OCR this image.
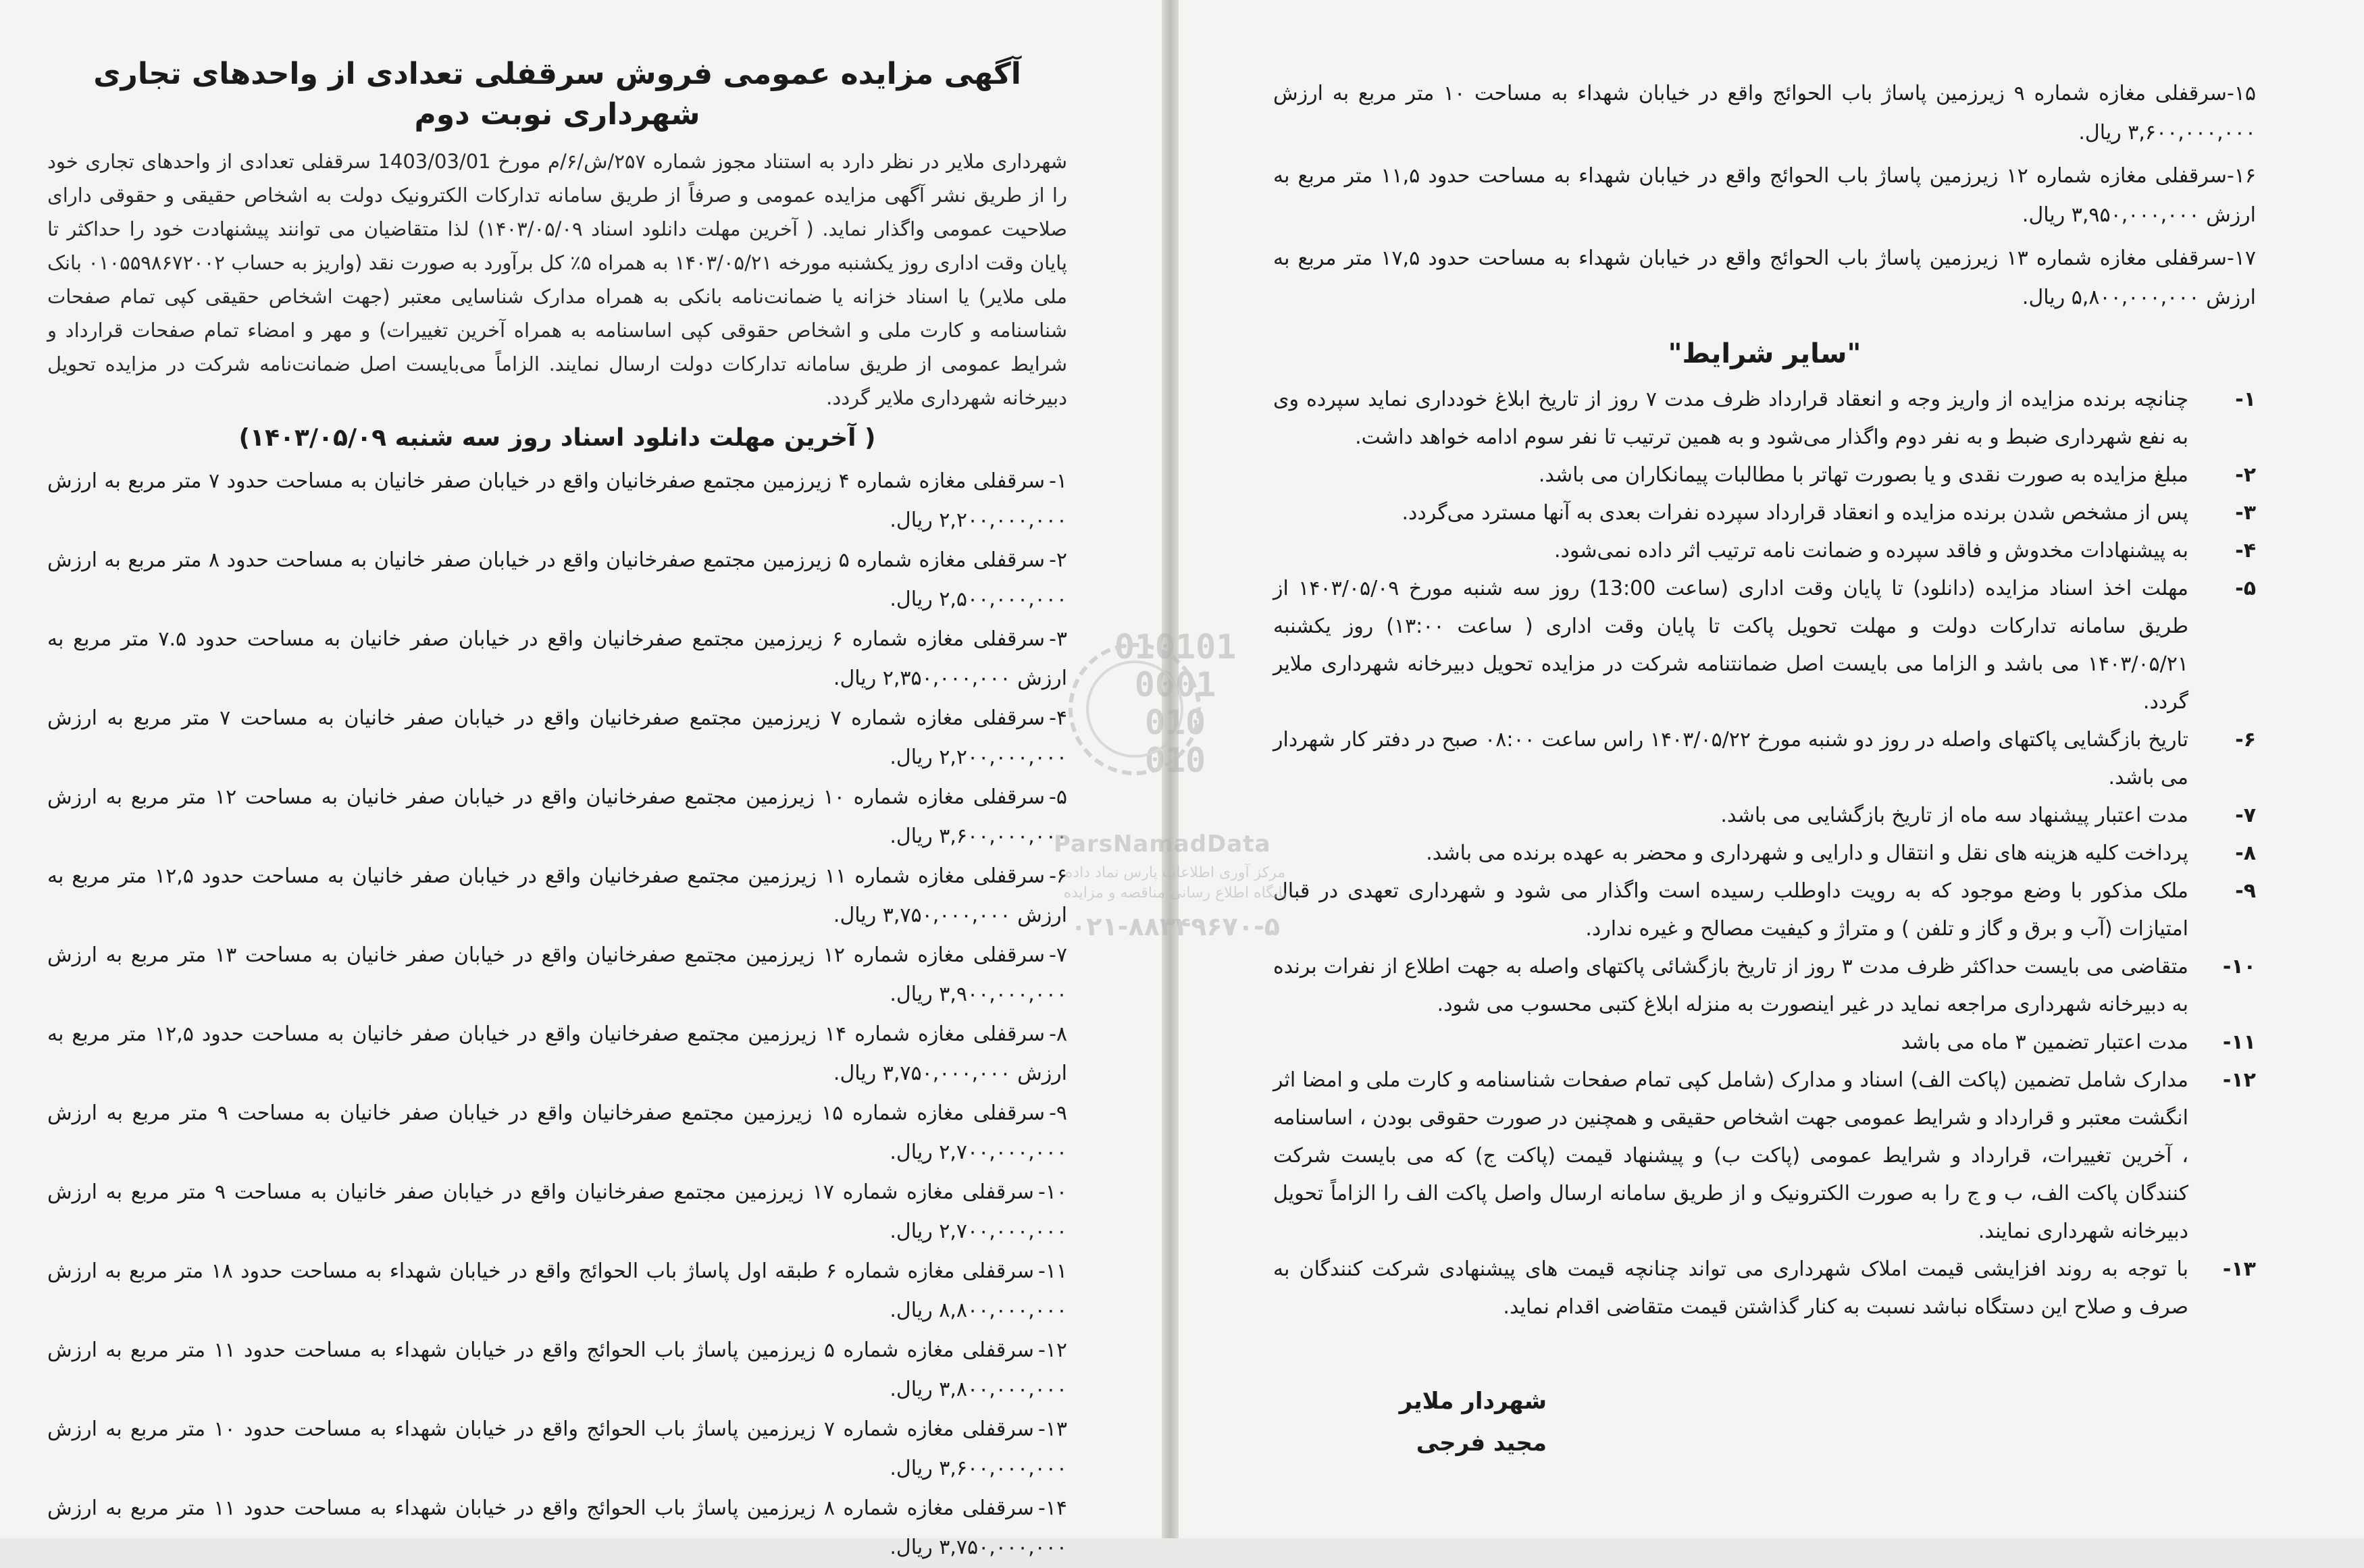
آگهی مزایده عمومی فروش سرقفلی تعدادی از واحدهای تجاری شهرداری نوبت دوم

شهرداری ملایر در نظر دارد به استناد مجوز شماره ۲۵۷/ش/۶/م مورخ 1403/03/01 سرقفلی تعدادی از واحدهای تجاری خود را از طریق نشر آگهی مزایده عمومی و صرفاً از طریق سامانه تدارکات الکترونیک دولت به اشخاص حقیقی و حقوقی دارای صلاحیت عمومی واگذار نماید. ( آخرین مهلت دانلود اسناد ۱۴۰۳/۰۵/۰۹) لذا متقاضیان می توانند پیشنهادت خود را حداکثر تا پایان وقت اداری روز یکشنبه مورخه ۱۴۰۳/۰۵/۲۱ به همراه ۵٪ کل برآورد به صورت نقد (واریز به حساب ۰۱۰۵۵۹۸۶۷۲۰۰۲ بانک ملی ملایر) یا اسناد خزانه یا ضمانت‌نامه بانکی به همراه مدارک شناسایی معتبر (جهت اشخاص حقیقی کپی تمام صفحات شناسنامه و کارت ملی و اشخاص حقوقی کپی اساسنامه به همراه آخرین تغییرات) و مهر و امضاء تمام صفحات قرارداد و شرایط عمومی از طریق سامانه تدارکات دولت ارسال نمایند. الزاماً می‌بایست اصل ضمانت‌نامه شرکت در مزایده تحویل دبیرخانه شهرداری ملایر گردد.

( آخرین مهلت دانلود اسناد روز سه شنبه ۱۴۰۳/۰۵/۰۹)
۱-سرقفلی مغازه شماره ۴ زیرزمین مجتمع صفرخانیان واقع در خیابان صفر خانیان به مساحت حدود ۷ متر مربع به ارزش ۲,۲۰۰,۰۰۰,۰۰۰ ریال.
۲-سرقفلی مغازه شماره ۵ زیرزمین مجتمع صفرخانیان واقع در خیابان صفر خانیان به مساحت حدود ۸ متر مربع به ارزش ۲,۵۰۰,۰۰۰,۰۰۰ ریال.
۳-سرقفلی مغازه شماره ۶ زیرزمین مجتمع صفرخانیان واقع در خیابان صفر خانیان به مساحت حدود ۷.۵ متر مربع به ارزش ۲,۳۵۰,۰۰۰,۰۰۰ ریال.
۴-سرقفلی مغازه شماره ۷ زیرزمین مجتمع صفرخانیان واقع در خیابان صفر خانیان به مساحت ۷ متر مربع به ارزش ۲,۲۰۰,۰۰۰,۰۰۰ ریال.
۵-سرقفلی مغازه شماره ۱۰ زیرزمین مجتمع صفرخانیان واقع در خیابان صفر خانیان به مساحت ۱۲ متر مربع به ارزش ۳,۶۰۰,۰۰۰,۰۰۰ ریال.
۶-سرقفلی مغازه شماره ۱۱ زیرزمین مجتمع صفرخانیان واقع در خیابان صفر خانیان به مساحت حدود ۱۲,۵ متر مربع به ارزش ۳,۷۵۰,۰۰۰,۰۰۰ ریال.
۷-سرقفلی مغازه شماره ۱۲ زیرزمین مجتمع صفرخانیان واقع در خیابان صفر خانیان به مساحت ۱۳ متر مربع به ارزش ۳,۹۰۰,۰۰۰,۰۰۰ ریال.
۸-سرقفلی مغازه شماره ۱۴ زیرزمین مجتمع صفرخانیان واقع در خیابان صفر خانیان به مساحت حدود ۱۲,۵ متر مربع به ارزش ۳,۷۵۰,۰۰۰,۰۰۰ ریال.
۹-سرقفلی مغازه شماره ۱۵ زیرزمین مجتمع صفرخانیان واقع در خیابان صفر خانیان به مساحت ۹ متر مربع به ارزش ۲,۷۰۰,۰۰۰,۰۰۰ ریال.
۱۰-سرقفلی مغازه شماره ۱۷ زیرزمین مجتمع صفرخانیان واقع در خیابان صفر خانیان به مساحت ۹ متر مربع به ارزش ۲,۷۰۰,۰۰۰,۰۰۰ ریال.
۱۱-سرقفلی مغازه شماره ۶ طبقه اول پاساژ باب الحوائج واقع در خیابان شهداء به مساحت حدود ۱۸ متر مربع به ارزش ۸,۸۰۰,۰۰۰,۰۰۰ ریال.
۱۲-سرقفلی مغازه شماره ۵ زیرزمین پاساژ باب الحوائج واقع در خیابان شهداء به مساحت حدود ۱۱ متر مربع به ارزش ۳,۸۰۰,۰۰۰,۰۰۰ ریال.
۱۳-سرقفلی مغازه شماره ۷ زیرزمین پاساژ باب الحوائج واقع در خیابان شهداء به مساحت حدود ۱۰ متر مربع به ارزش ۳,۶۰۰,۰۰۰,۰۰۰ ریال.
۱۴-سرقفلی مغازه شماره ۸ زیرزمین پاساژ باب الحوائج واقع در خیابان شهداء به مساحت حدود ۱۱ متر مربع به ارزش ۳,۷۵۰,۰۰۰,۰۰۰ ریال.
۱۵-سرقفلی مغازه شماره ۹ زیرزمین پاساژ باب الحوائج واقع در خیابان شهداء به مساحت ۱۰ متر مربع به ارزش ۳,۶۰۰,۰۰۰,۰۰۰ ریال.
۱۶-سرقفلی مغازه شماره ۱۲ زیرزمین پاساژ باب الحوائج واقع در خیابان شهداء به مساحت حدود ۱۱,۵ متر مربع به ارزش ۳,۹۵۰,۰۰۰,۰۰۰ ریال.
۱۷-سرقفلی مغازه شماره ۱۳ زیرزمین پاساژ باب الحوائج واقع در خیابان شهداء به مساحت حدود ۱۷,۵ متر مربع به ارزش ۵,۸۰۰,۰۰۰,۰۰۰ ریال.
"سایر شرایط"
۱-
چنانچه برنده مزایده از واریز وجه و انعقاد قرارداد ظرف مدت ۷ روز از تاریخ ابلاغ خودداری نماید سپرده وی به نفع شهرداری ضبط و به نفر دوم واگذار می‌شود و به همین ترتیب تا نفر سوم ادامه خواهد داشت.
۲-
مبلغ مزایده به صورت نقدی و یا بصورت تهاتر با مطالبات پیمانکاران می باشد.
۳-
پس از مشخص شدن برنده مزایده و انعقاد قرارداد سپرده نفرات بعدی به آنها مسترد می‌گردد.
۴-
به پیشنهادات مخدوش و فاقد سپرده و ضمانت نامه ترتیب اثر داده نمی‌شود.
۵-
مهلت اخذ اسناد مزایده (دانلود) تا پایان وقت اداری (ساعت 13:00) روز سه شنبه مورخ ۱۴۰۳/۰۵/۰۹ از طریق سامانه تدارکات دولت و مهلت تحویل پاکت تا پایان وقت اداری ( ساعت ۱۳:۰۰) روز یکشنبه ۱۴۰۳/۰۵/۲۱ می باشد و الزاما می بایست اصل ضمانتنامه شرکت در مزایده تحویل دبیرخانه شهرداری ملایر گردد.
۶-
تاریخ بازگشایی پاکتهای واصله در روز دو شنبه مورخ ۱۴۰۳/۰۵/۲۲ راس ساعت ۰۸:۰۰ صبح در دفتر کار شهردار می باشد.
۷-
مدت اعتبار پیشنهاد سه ماه از تاریخ بازگشایی می باشد.
۸-
پرداخت کلیه هزینه های نقل و انتقال و دارایی و شهرداری و محضر به عهده برنده می باشد.
۹-
ملک مذکور با وضع موجود که به رویت داوطلب رسیده است واگذار می شود و شهرداری تعهدی در قبال امتیازات (آب و برق و گاز و تلفن ) و متراژ و کیفیت مصالح و غیره ندارد.
۱۰-
متقاضی می بایست حداکثر ظرف مدت ۳ روز از تاریخ بازگشائی پاکتهای واصله به جهت اطلاع از نفرات برنده به دبیرخانه شهرداری مراجعه نماید در غیر اینصورت به منزله ابلاغ کتبی محسوب می شود.
۱۱-
مدت اعتبار تضمین ۳ ماه می باشد
۱۲-
مدارک شامل تضمین (پاکت الف) اسناد و مدارک (شامل کپی تمام صفحات شناسنامه و کارت ملی و امضا اثر انگشت معتبر و قرارداد و شرایط عمومی جهت اشخاص حقیقی و همچنین در صورت حقوقی بودن ، اساسنامه ، آخرین تغییرات، قرارداد و شرایط عمومی (پاکت ب) و پیشنهاد قیمت (پاکت ج) که می بایست شرکت کنندگان پاکت الف، ب و ج را به صورت الکترونیک و از طریق سامانه ارسال واصل پاکت الف را الزاماً تحویل دبیرخانه شهرداری نمایند.
۱۳-
با توجه به روند افزایشی قیمت املاک شهرداری می تواند چنانچه قیمت های پیشنهادی شرکت کنندگان به صرف و صلاح این دستگاه نباشد نسبت به کنار گذاشتن قیمت متقاضی اقدام نماید.
شهردار ملایر
مجید فرجی
010101
0001
010
010
ParsNamadData
مرکز آوری اطلاعات پارس نماد داده
پایگاه اطلاع رسانی مناقصه و مزایده
۰۲۱-۸۸۳۴۹۶۷۰-۵
